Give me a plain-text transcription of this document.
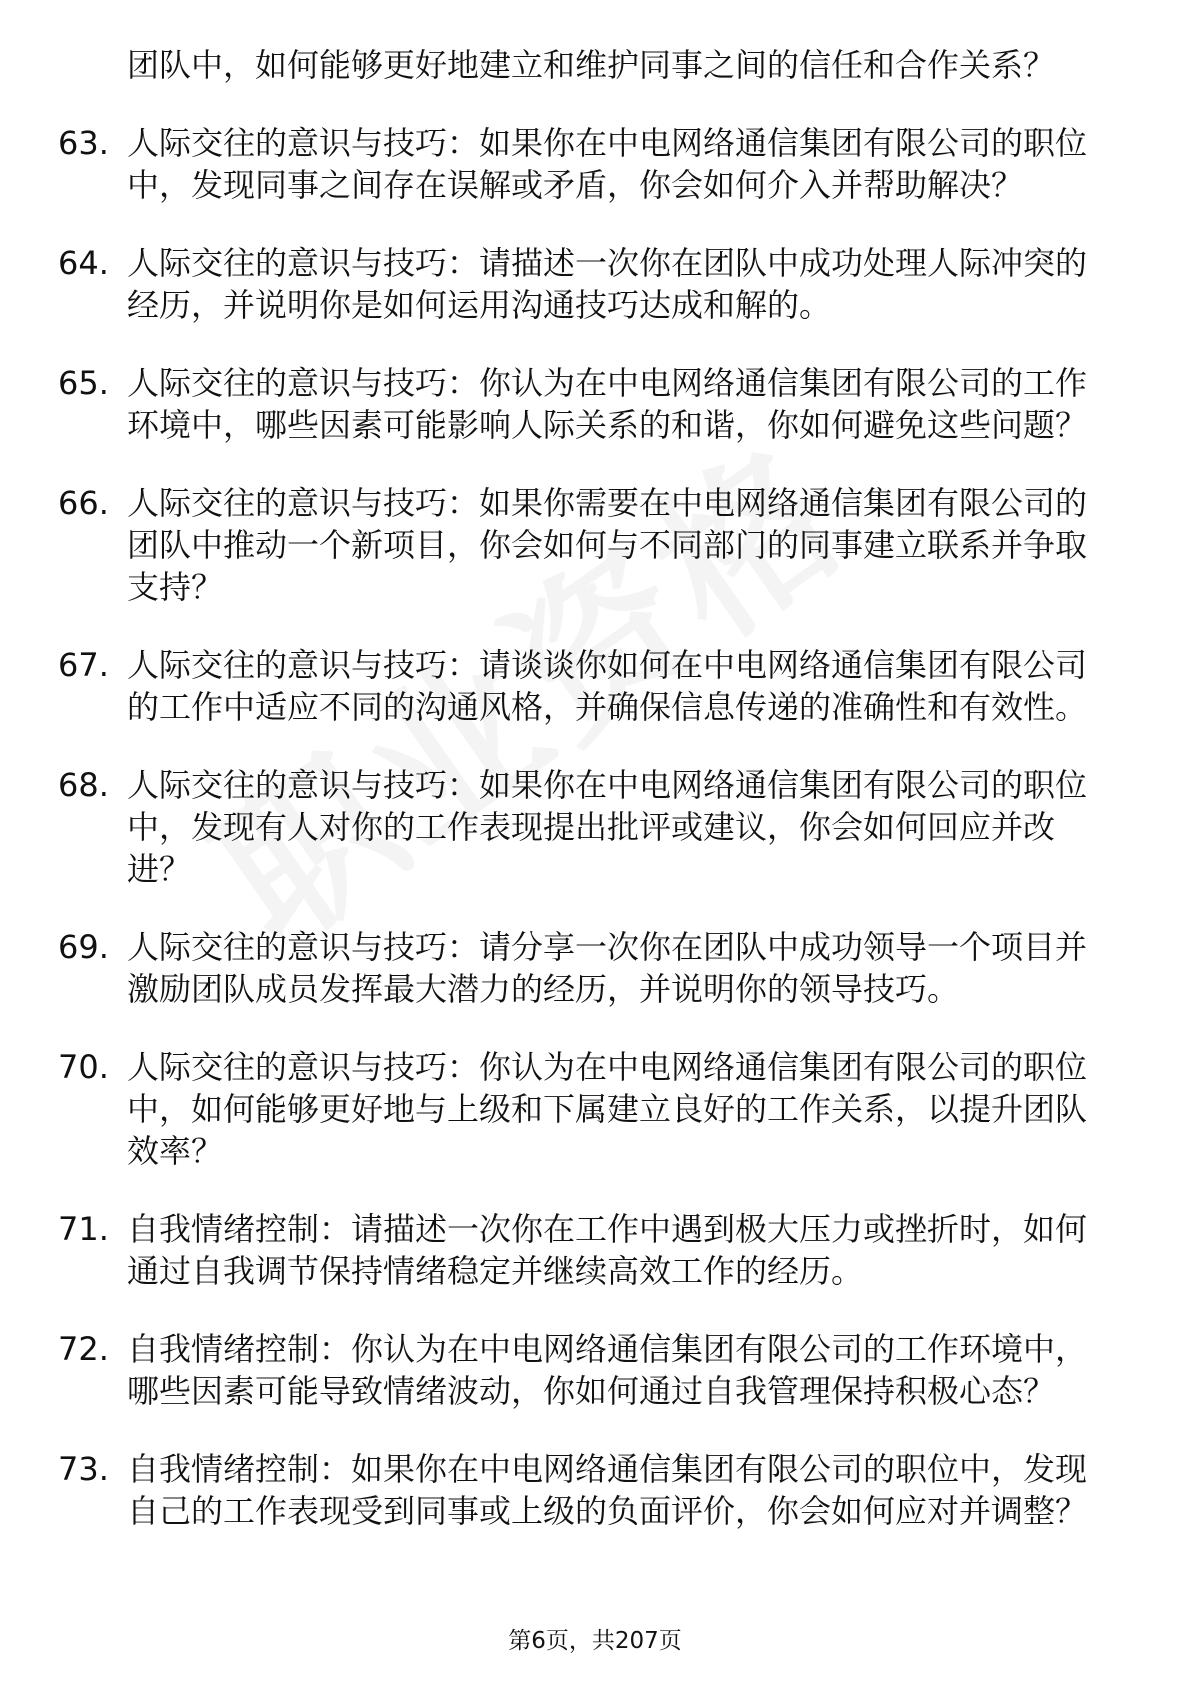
团队中，如何能够更好地建立和维护同事之间的信任和合作关系？
63. 人际交往的意识与技巧：如果你在中电网络通信集团有限公司的职位中，发现同事之间存在误解或矛盾，你会如何介入并帮助解决？
64. 人际交往的意识与技巧：请描述一次你在团队中成功处理人际冲突的经历，并说明你是如何运用沟通技巧达成和解的。
65. 人际交往的意识与技巧：你认为在中电网络通信集团有限公司的工作环境中，哪些因素可能影响人际关系的和谐，你如何避免这些问题？
66. 人际交往的意识与技巧：如果你需要在中电网络通信集团有限公司的团队中推动一个新项目，你会如何与不同部门的同事建立联系并争取支持？
67. 人际交往的意识与技巧：请谈谈你如何在中电网络通信集团有限公司的工作中适应不同的沟通风格，并确保信息传递的准确性和有效性。
68. 人际交往的意识与技巧：如果你在中电网络通信集团有限公司的职位中，发现有人对你的工作表现提出批评或建议，你会如何回应并改进？
69. 人际交往的意识与技巧：请分享一次你在团队中成功领导一个项目并激励团队成员发挥最大潜力的经历，并说明你的领导技巧。
70. 人际交往的意识与技巧：你认为在中电网络通信集团有限公司的职位中，如何能够更好地与上级和下属建立良好的工作关系，以提升团队效率？
71. 自我情绪控制：请描述一次你在工作中遇到极大压力或挫折时，如何通过自我调节保持情绪稳定并继续高效工作的经历。
72. 自我情绪控制：你认为在中电网络通信集团有限公司的工作环境中，哪些因素可能导致情绪波动，你如何通过自我管理保持积极心态？
73. 自我情绪控制：如果你在中电网络通信集团有限公司的职位中，发现自己的工作表现受到同事或上级的负面评价，你会如何应对并调整？
第6页，共207页
